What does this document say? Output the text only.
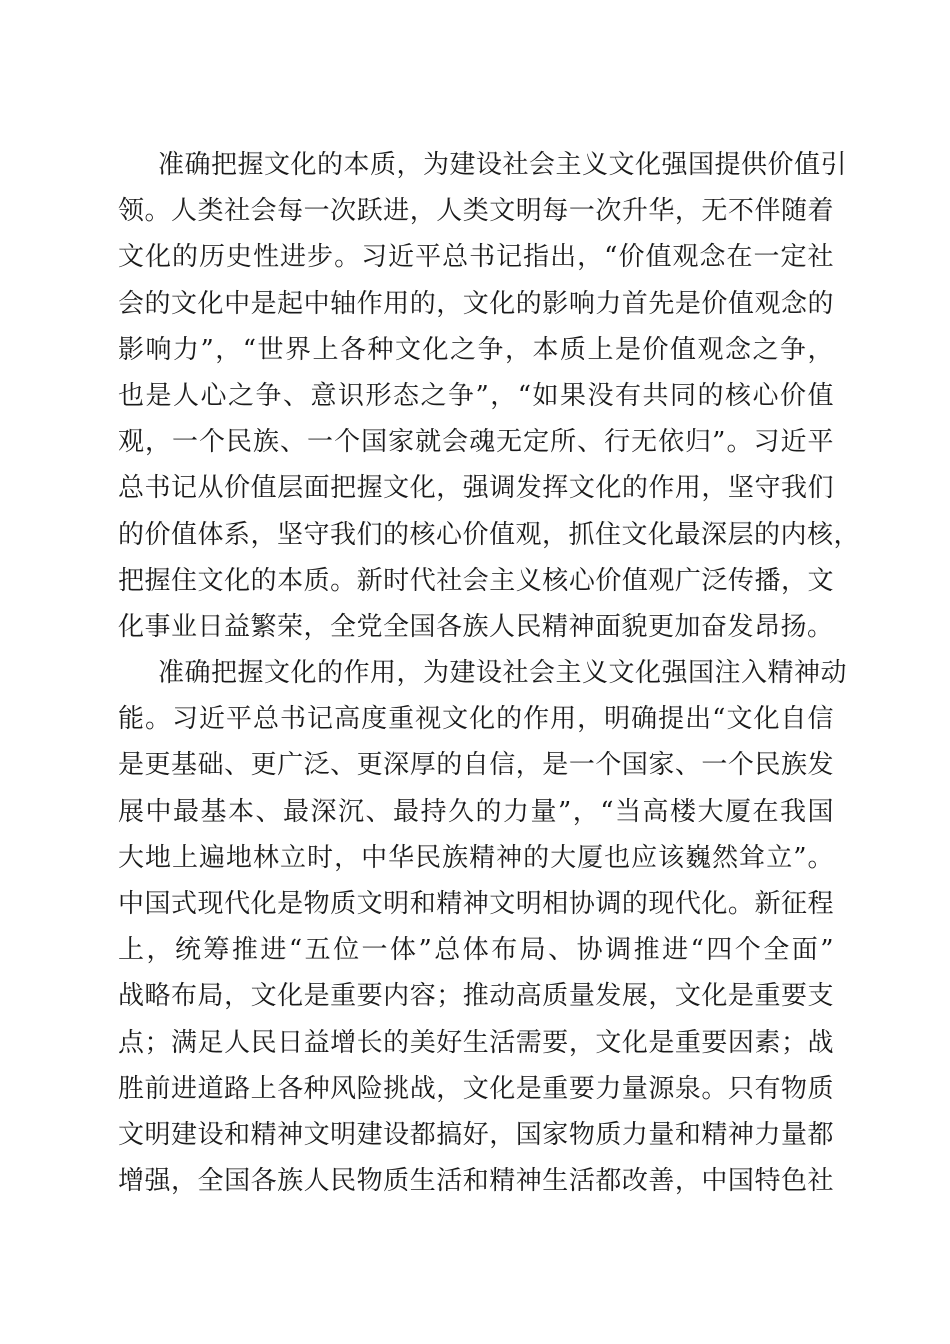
准确把握文化的本质，为建设社会主义文化强国提供价值引
领。人类社会每一次跃进，人类文明每一次升华，无不伴随着
文化的历史性进步。习近平总书记指出，“价值观念在一定社
会的文化中是起中轴作用的，文化的影响力首先是价值观念的
影响力”，“世界上各种文化之争，本质上是价值观念之争，
也是人心之争、意识形态之争”，“如果没有共同的核心价值
观，一个民族、一个国家就会魂无定所、行无依归”。习近平
总书记从价值层面把握文化，强调发挥文化的作用，坚守我们
的价值体系，坚守我们的核心价值观，抓住文化最深层的内核，
把握住文化的本质。新时代社会主义核心价值观广泛传播，文
化事业日益繁荣，全党全国各族人民精神面貌更加奋发昂扬。
准确把握文化的作用，为建设社会主义文化强国注入精神动
能。习近平总书记高度重视文化的作用，明确提出“文化自信
是更基础、更广泛、更深厚的自信，是一个国家、一个民族发
展中最基本、最深沉、最持久的力量”，“当高楼大厦在我国
大地上遍地林立时，中华民族精神的大厦也应该巍然耸立”。
中国式现代化是物质文明和精神文明相协调的现代化。新征程
上，统筹推进“五位一体”总体布局、协调推进“四个全面”
战略布局，文化是重要内容；推动高质量发展，文化是重要支
点；满足人民日益增长的美好生活需要，文化是重要因素；战
胜前进道路上各种风险挑战，文化是重要力量源泉。只有物质
文明建设和精神文明建设都搞好，国家物质力量和精神力量都
增强，全国各族人民物质生活和精神生活都改善，中国特色社
